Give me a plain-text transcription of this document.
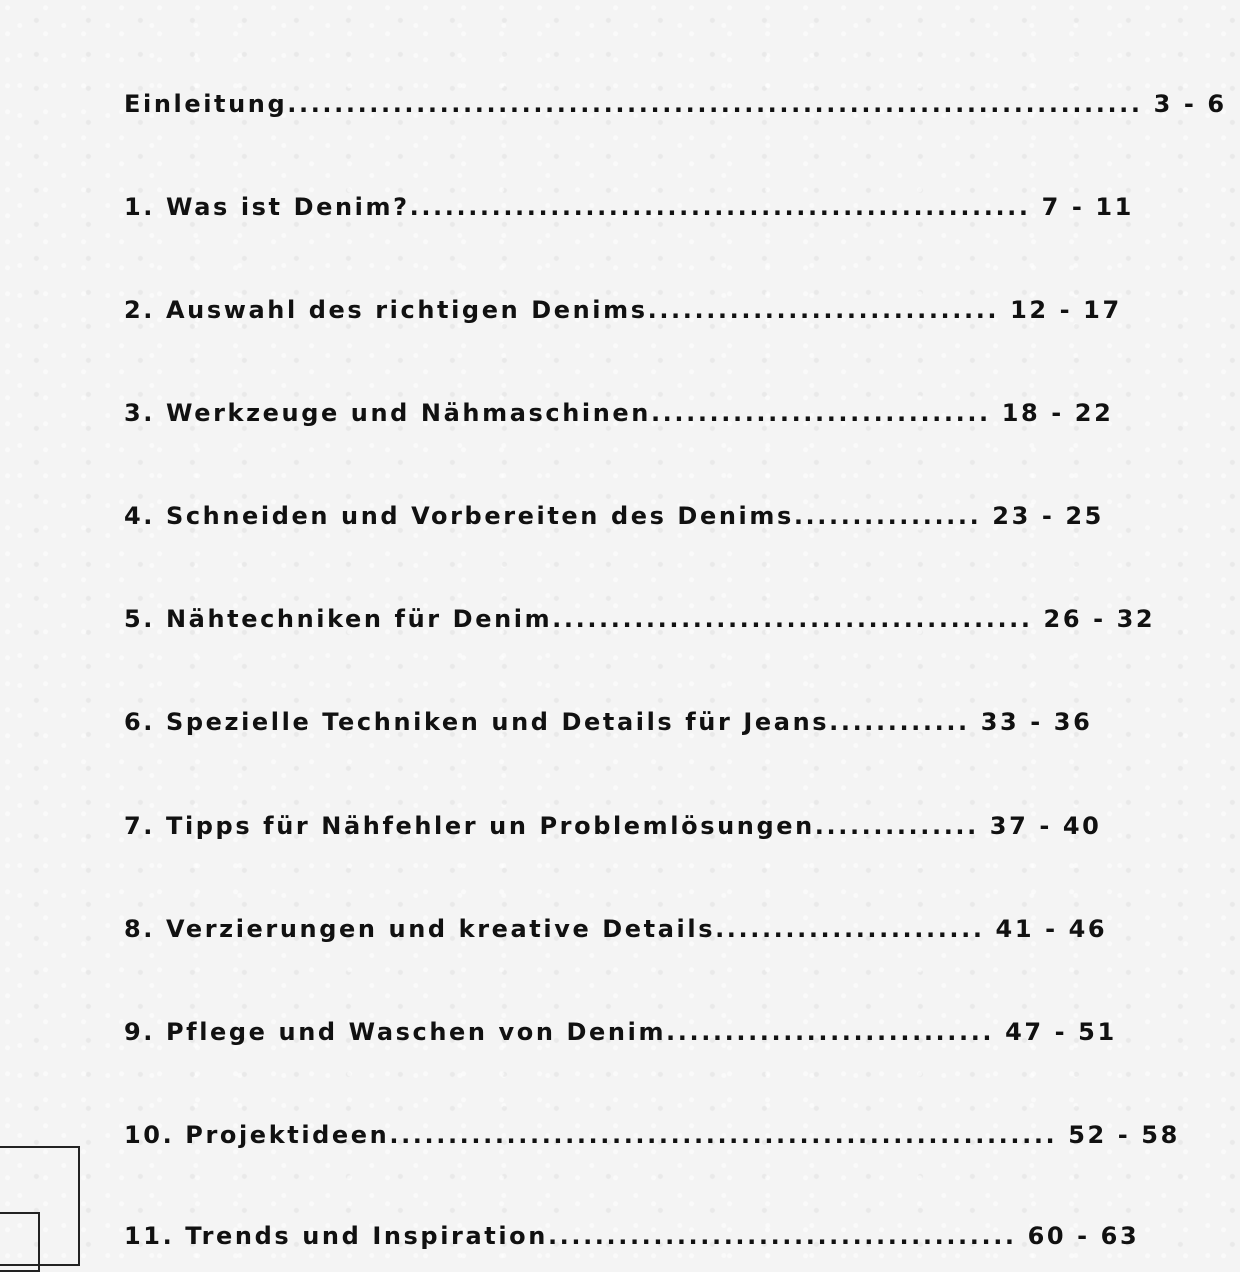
Einleitung......................................................................... 3 - 6
1. Was ist Denim?..................................................... 7 - 11
2. Auswahl des richtigen Denims.............................. 12 - 17
3. Werkzeuge und Nähmaschinen............................. 18 - 22
4. Schneiden und Vorbereiten des Denims................ 23 - 25
5. Nähtechniken für Denim......................................... 26 - 32
6. Spezielle Techniken und Details für Jeans............ 33 - 36
7. Tipps für Nähfehler un Problemlösungen.............. 37 - 40
8. Verzierungen und kreative Details....................... 41 - 46
9. Pflege und Waschen von Denim............................ 47 - 51
10. Projektideen......................................................... 52 - 58
11. Trends und Inspiration........................................ 60 - 63
